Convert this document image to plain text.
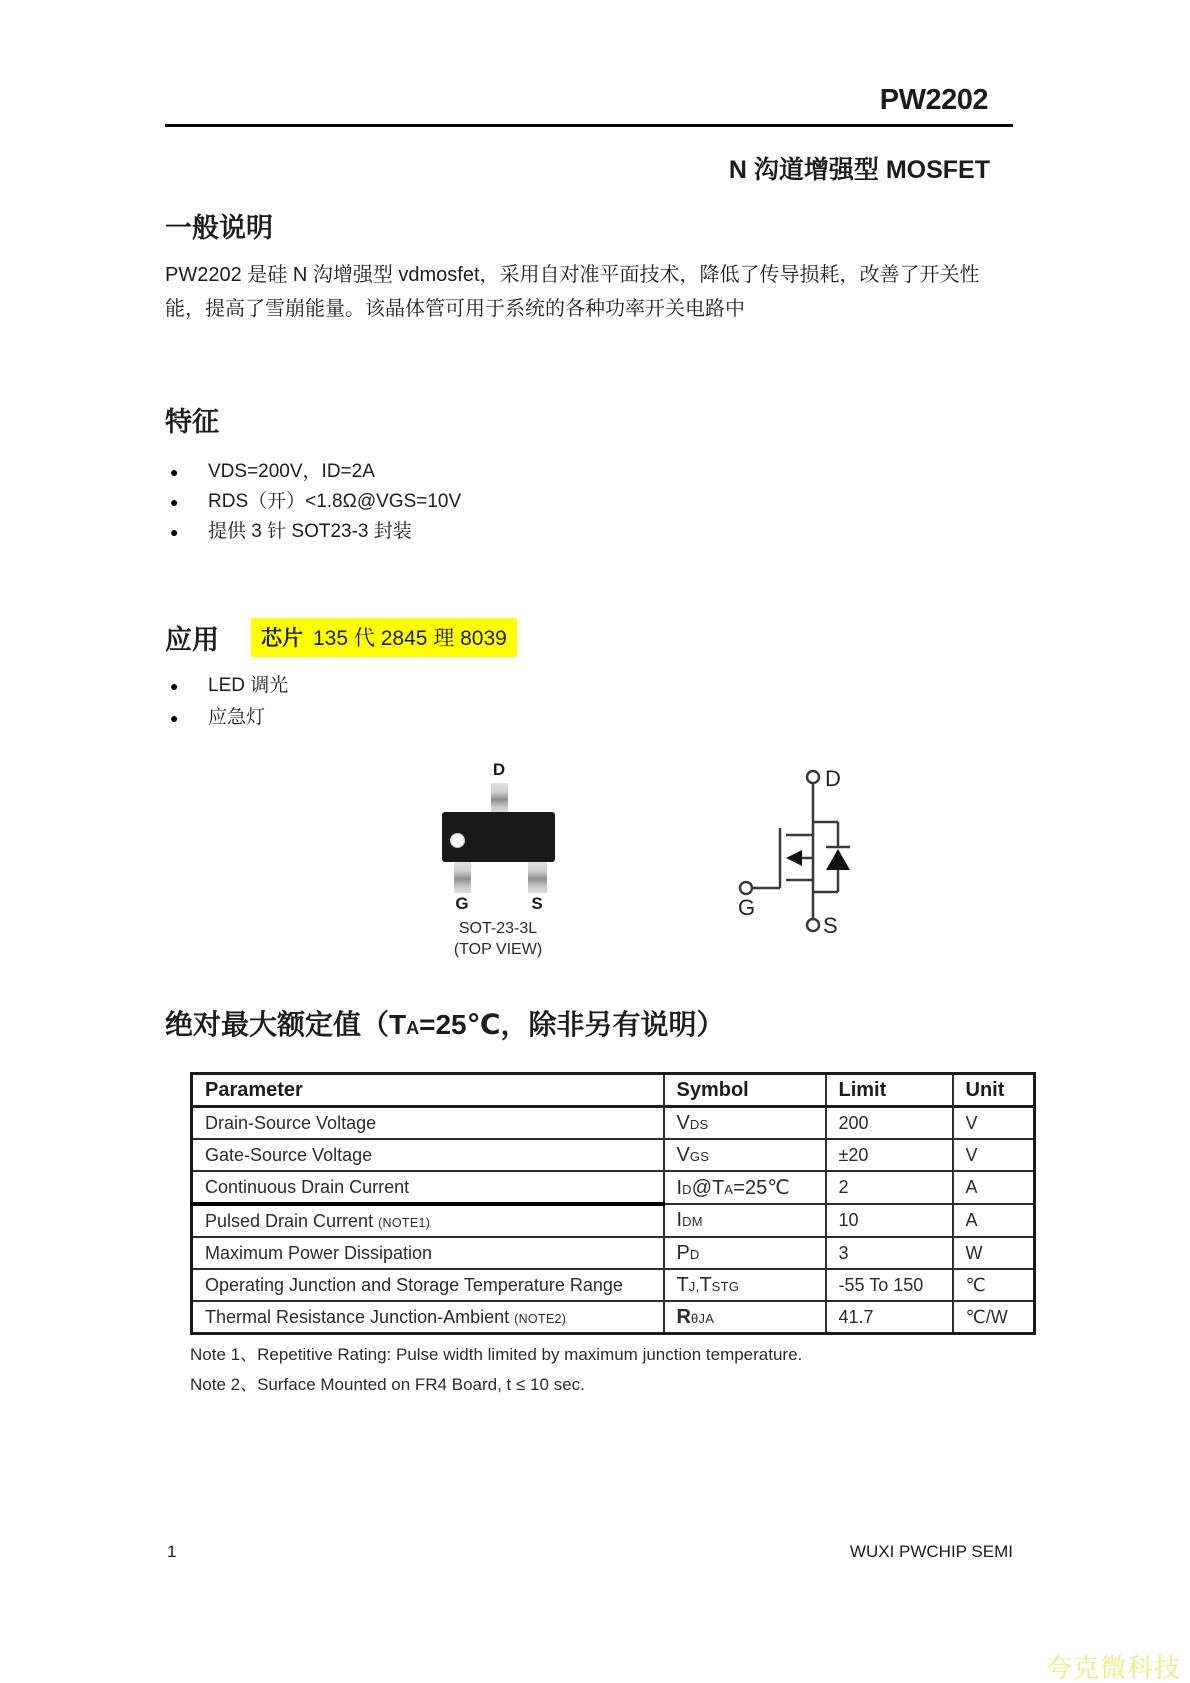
PW2202
N 沟道增强型 MOSFET
一般说明
PW2202 是硅 N 沟增强型 vdmosfet，采用自对准平面技术，降低了传导损耗，改善了开关性
能，提高了雪崩能量。该晶体管可用于系统的各种功率开关电路中
特征
●	VDS=200V，ID=2A
●	RDS（开）<1.8Ω@VGS=10V
●	提供 3 针 SOT23-3 封装
应用	芯片 135 代 2845 理 8039
●	LED 调光
●	应急灯
D
G	S
SOT-23-3L
(TOP VIEW)
D
G
S
绝对最大额定值（TA=25℃，除非另有说明）
Parameter	Symbol	Limit	Unit
Drain-Source Voltage	VDS	200	V
Gate-Source Voltage	VGS	±20	V
Continuous Drain Current	ID@TA=25℃	2	A
Pulsed Drain Current (NOTE1)	IDM	10	A
Maximum Power Dissipation	PD	3	W
Operating Junction and Storage Temperature Range	TJ,TSTG	-55 To 150	℃
Thermal Resistance Junction-Ambient (NOTE2)	RθJA	41.7	℃/W
Note 1、Repetitive Rating: Pulse width limited by maximum junction temperature.
Note 2、Surface Mounted on FR4 Board, t ≤ 10 sec.
1	WUXI PWCHIP SEMI
夸克微科技
